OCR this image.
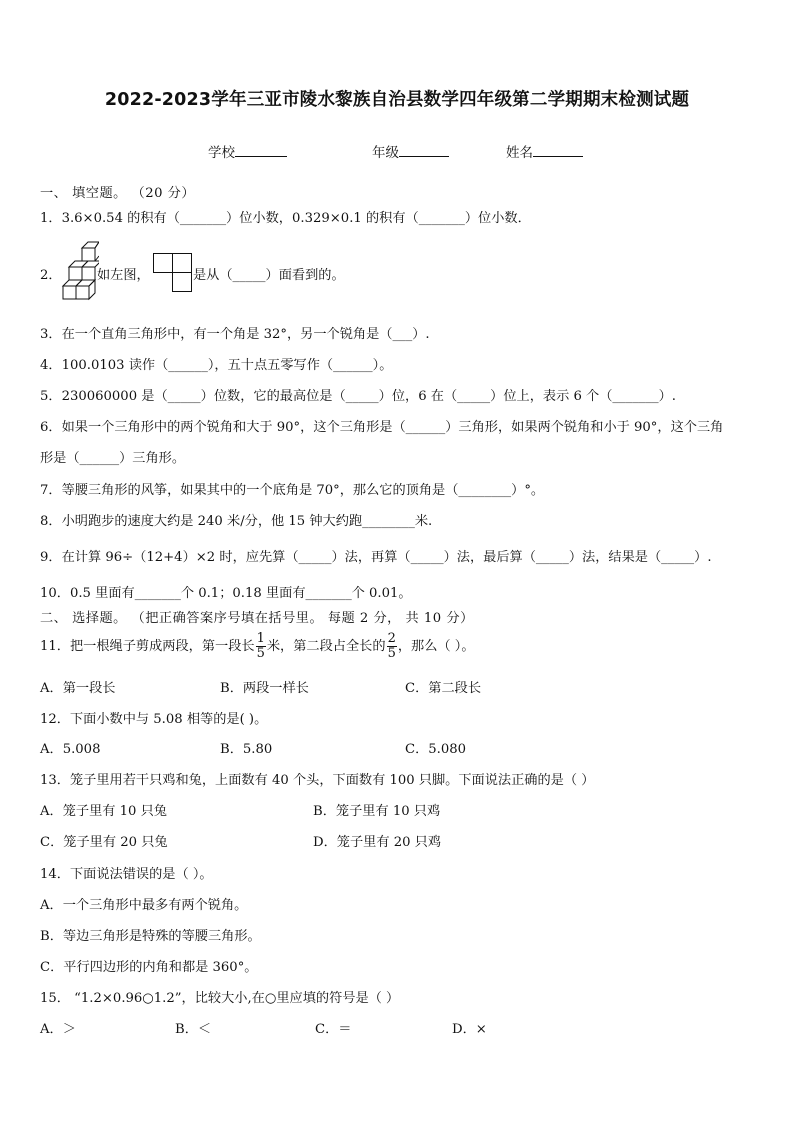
2022-2023学年三亚市陵水黎族自治县数学四年级第二学期期末检测试题
学校	年级	姓名
一、 填空题。 （20 分）
1．3.6×0.54 的积有（_______）位小数，0.329×0.1 的积有（_______）位小数．
2．	如左图，	是从（_____）面看到的。
3．在一个直角三角形中，有一个角是 32°，另一个锐角是（___）.
4．100.0103 读作（______），五十点五零写作（______）。
5．230060000 是（_____）位数，它的最高位是（_____）位，6 在（_____）位上，表示 6 个（_______）.
6．如果一个三角形中的两个锐角和大于 90°，这个三角形是（______）三角形，如果两个锐角和小于 90°，这个三角
形是（______）三角形。
7．等腰三角形的风筝，如果其中的一个底角是 70°，那么它的顶角是（________）°。
8．小明跑步的速度大约是 240 米/分，他 15 钟大约跑________米.
9．在计算 96÷（12+4）×2 时，应先算（_____）法，再算（_____）法，最后算（_____）法，结果是（_____）.
10．0.5 里面有_______个 0.1；0.18 里面有_______个 0.01。
二、 选择题。 （把正确答案序号填在括号里。 每题 2 分， 共 10 分）
11．把一根绳子剪成两段，第一段长 $\frac{1}{5}$ 米，第二段占全长的 $\frac{2}{5}$ ，那么（ ）。
A．第一段长	B．两段一样长	C．第二段长
12．下面小数中与 5.08 相等的是( )。
A．5.008	B．5.80	C．5.080
13．笼子里用若干只鸡和兔，上面数有 40 个头，下面数有 100 只脚。下面说法正确的是（ ）
A．笼子里有 10 只兔	B．笼子里有 10 只鸡
C．笼子里有 20 只兔	D．笼子里有 20 只鸡
14．下面说法错误的是（ ）。
A．一个三角形中最多有两个锐角。
B．等边三角形是特殊的等腰三角形。
C．平行四边形的内角和都是 360°。
15． “1.2×0.96○1.2”，比较大小,在○里应填的符号是（ ）
A．＞	B．＜	C．＝	D．×
